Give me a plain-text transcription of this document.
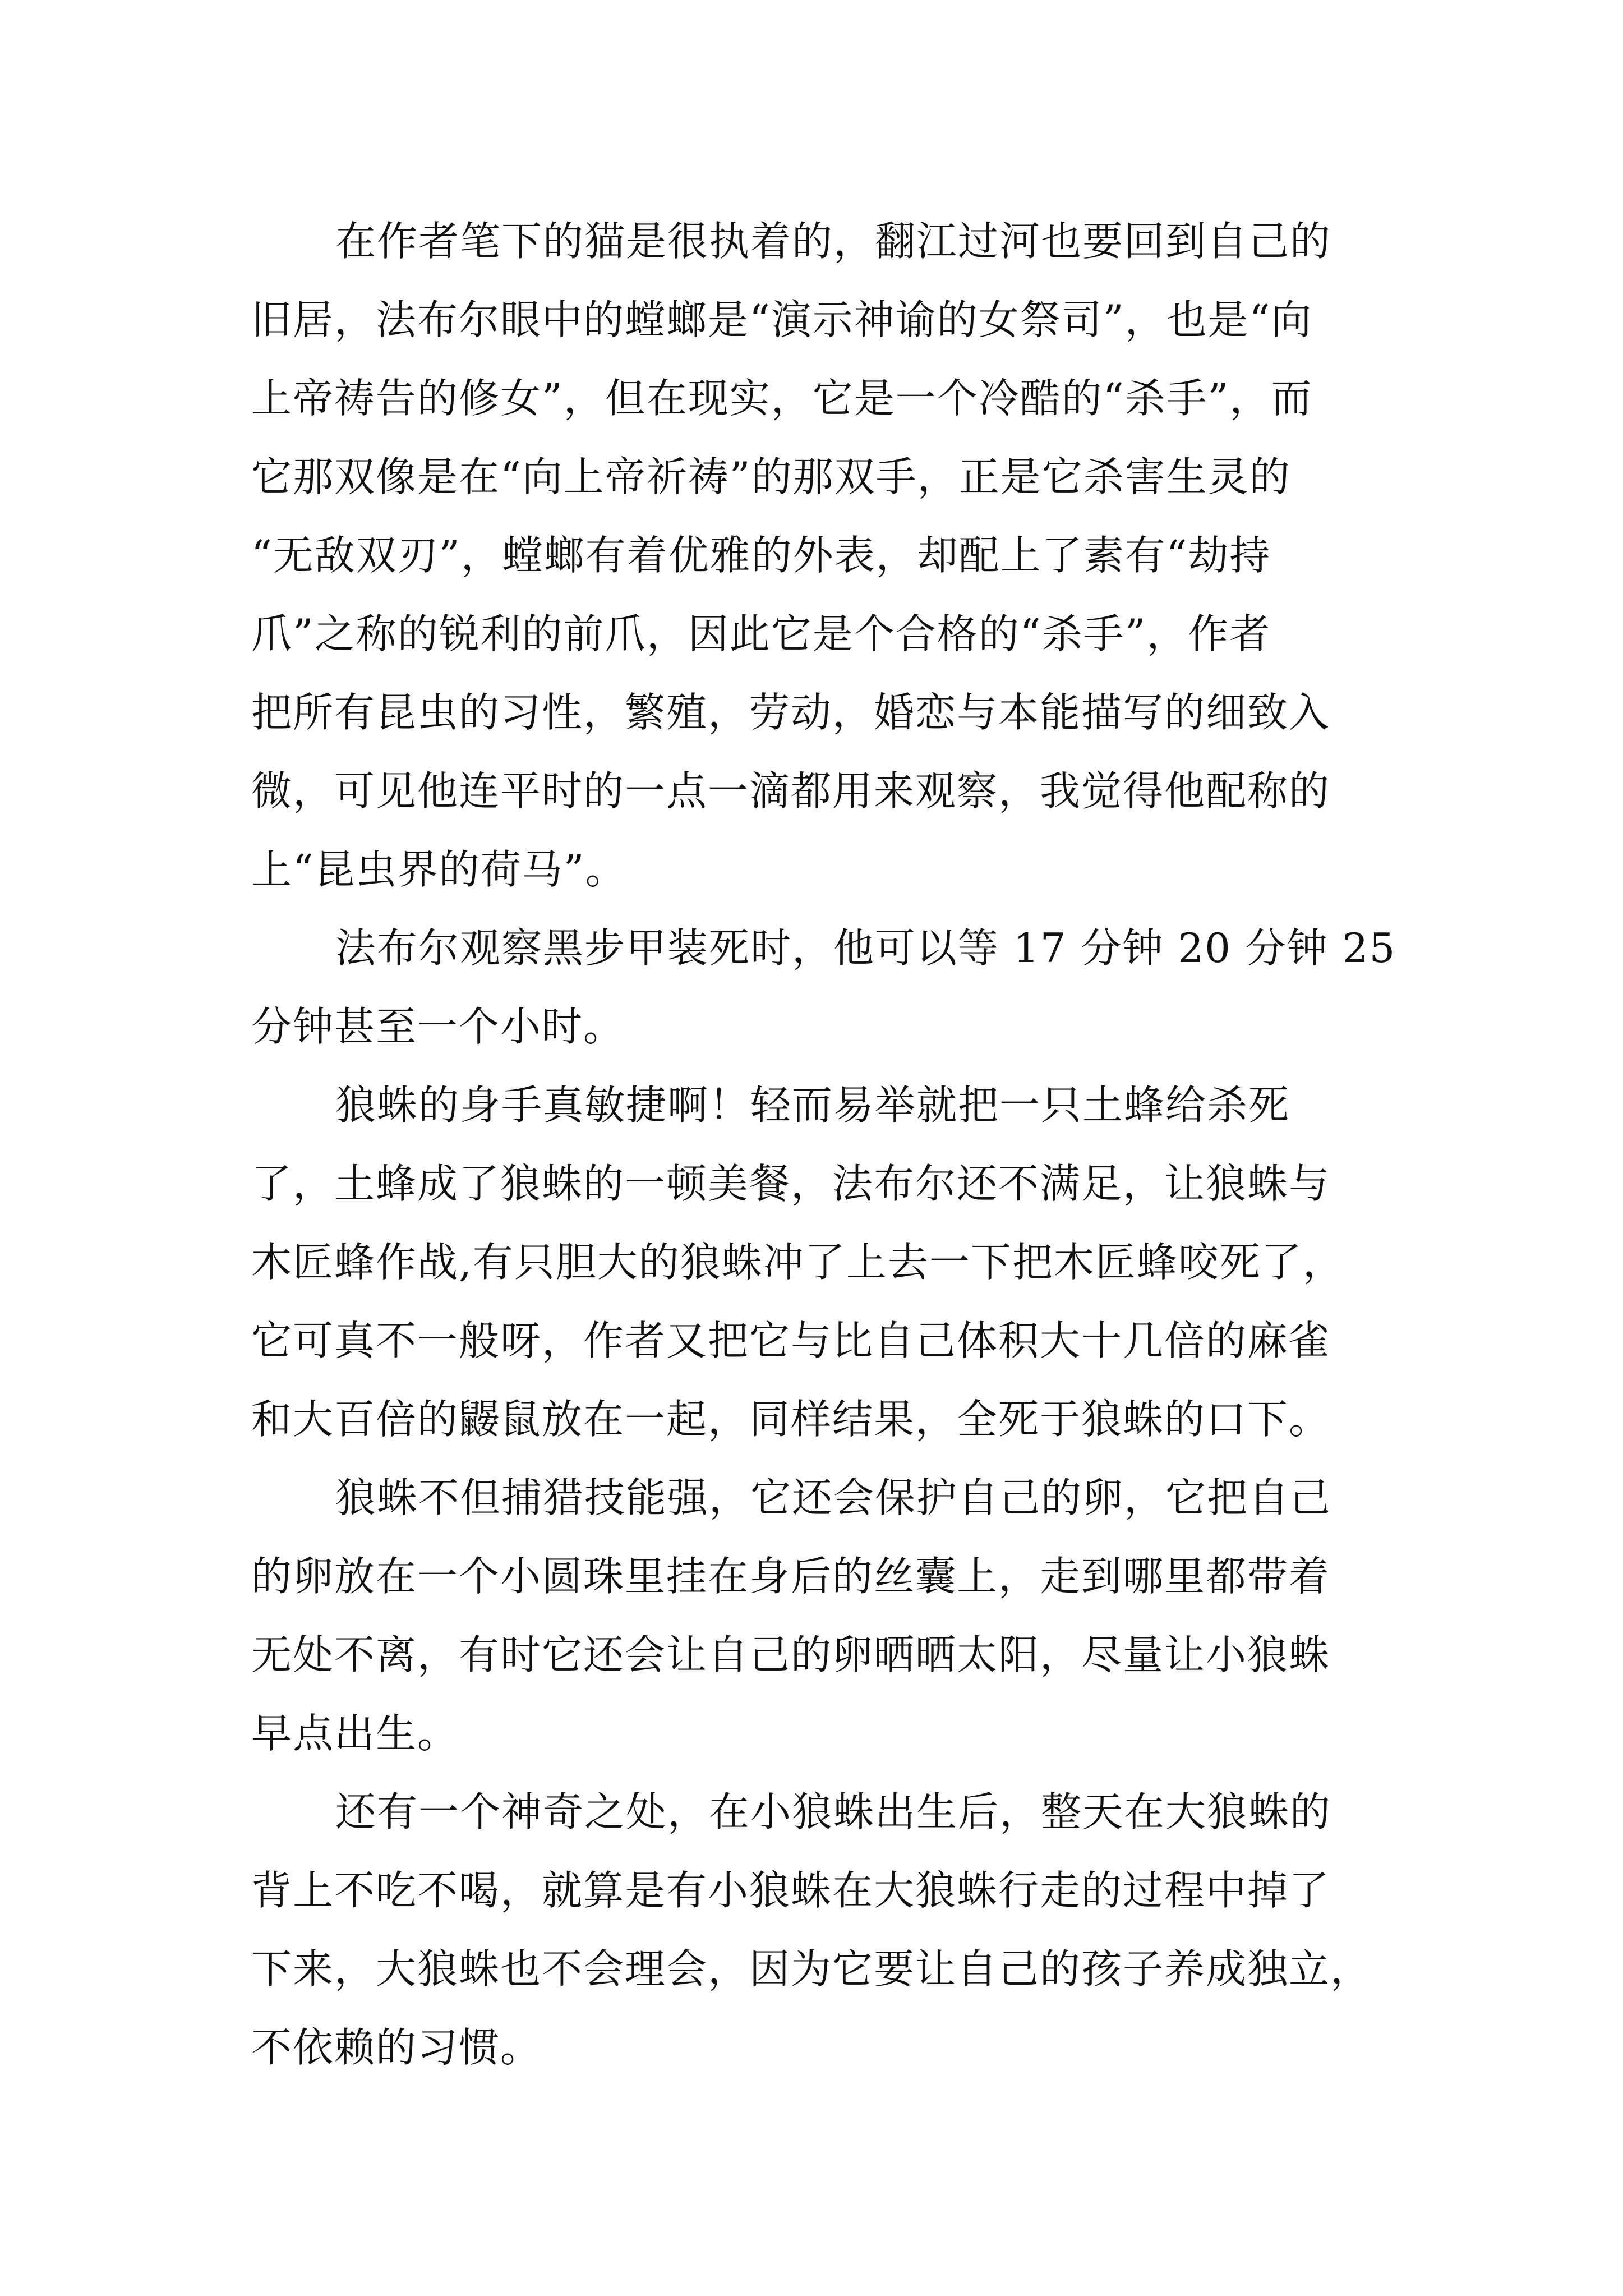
在作者笔下的猫是很执着的，翻江过河也要回到自己的
旧居，法布尔眼中的螳螂是“演示神谕的女祭司”，也是“向
上帝祷告的修女”，但在现实，它是一个冷酷的“杀手”，而
它那双像是在“向上帝祈祷”的那双手，正是它杀害生灵的
“无敌双刃”，螳螂有着优雅的外表，却配上了素有“劫持
爪”之称的锐利的前爪，因此它是个合格的“杀手”，作者
把所有昆虫的习性，繁殖，劳动，婚恋与本能描写的细致入
微，可见他连平时的一点一滴都用来观察，我觉得他配称的
上“昆虫界的荷马”。
法布尔观察黑步甲装死时，他可以等 17 分钟 20 分钟 25
分钟甚至一个小时。
狼蛛的身手真敏捷啊！轻而易举就把一只土蜂给杀死
了，土蜂成了狼蛛的一顿美餐，法布尔还不满足，让狼蛛与
木匠蜂作战,有只胆大的狼蛛冲了上去一下把木匠蜂咬死了，
它可真不一般呀，作者又把它与比自己体积大十几倍的麻雀
和大百倍的鼹鼠放在一起，同样结果，全死于狼蛛的口下。
狼蛛不但捕猎技能强，它还会保护自己的卵，它把自己
的卵放在一个小圆珠里挂在身后的丝囊上，走到哪里都带着
无处不离，有时它还会让自己的卵晒晒太阳，尽量让小狼蛛
早点出生。
还有一个神奇之处，在小狼蛛出生后，整天在大狼蛛的
背上不吃不喝，就算是有小狼蛛在大狼蛛行走的过程中掉了
下来，大狼蛛也不会理会，因为它要让自己的孩子养成独立，
不依赖的习惯。
